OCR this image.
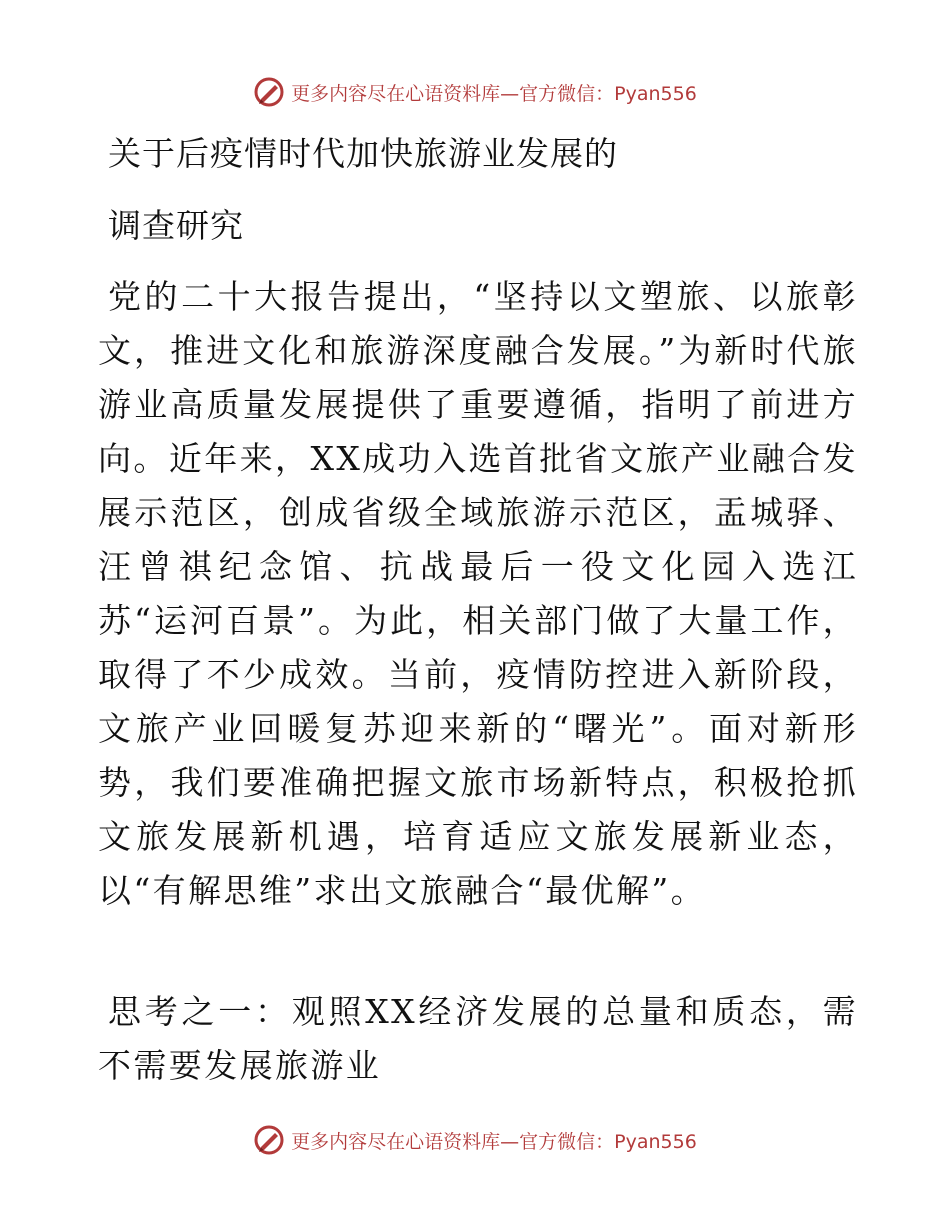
更多内容尽在心语资料库—官方微信：Pyan556
关于后疫情时代加快旅游业发展的
调查研究

党的二十大报告提出，“坚持以文塑旅、以旅彰文，推进文化和旅游深度融合发展。”为新时代旅游业高质量发展提供了重要遵循，指明了前进方向。近年来，XX成功入选首批省文旅产业融合发展示范区，创成省级全域旅游示范区，盂城驿、汪曾祺纪念馆、抗战最后一役文化园入选江苏“运河百景”。为此，相关部门做了大量工作，取得了不少成效。当前，疫情防控进入新阶段，文旅产业回暖复苏迎来新的“曙光”。面对新形势，我们要准确把握文旅市场新特点，积极抢抓文旅发展新机遇，培育适应文旅发展新业态，以“有解思维”求出文旅融合“最优解”。

思考之一：观照XX经济发展的总量和质态，需不需要发展旅游业

更多内容尽在心语资料库—官方微信：Pyan556
